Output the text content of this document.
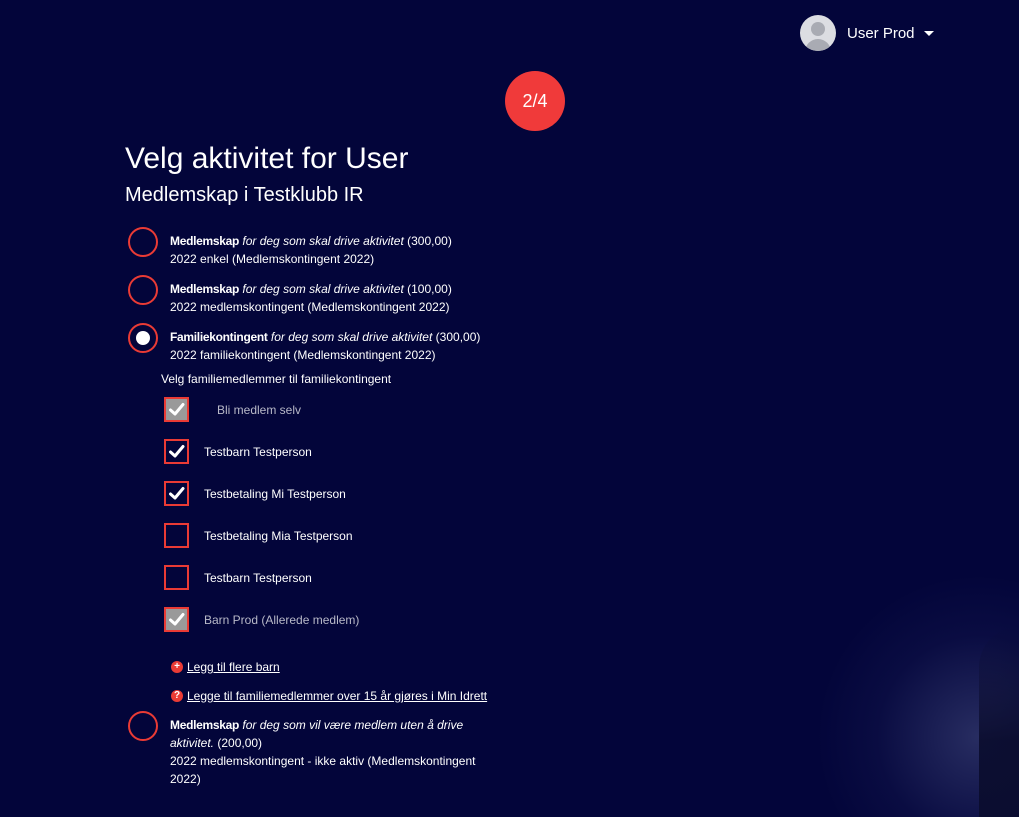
User Prod
2/4
Velg aktivitet for User
Medlemskap i Testklubb IR
Medlemskap for deg som skal drive aktivitet (300,00)
2022 enkel (Medlemskontingent 2022)
Medlemskap for deg som skal drive aktivitet (100,00)
2022 medlemskontingent (Medlemskontingent 2022)
Familiekontingent for deg som skal drive aktivitet (300,00)
2022 familiekontingent (Medlemskontingent 2022)
Velg familiemedlemmer til familiekontingent
Bli medlem selv
Testbarn Testperson
Testbetaling Mi Testperson
Testbetaling Mia Testperson
Testbarn Testperson
Barn Prod (Allerede medlem)
+ Legg til flere barn
? Legge til familiemedlemmer over 15 år gjøres i Min Idrett
Medlemskap for deg som vil være medlem uten å drive aktivitet. (200,00)
2022 medlemskontingent - ikke aktiv (Medlemskontingent 2022)
